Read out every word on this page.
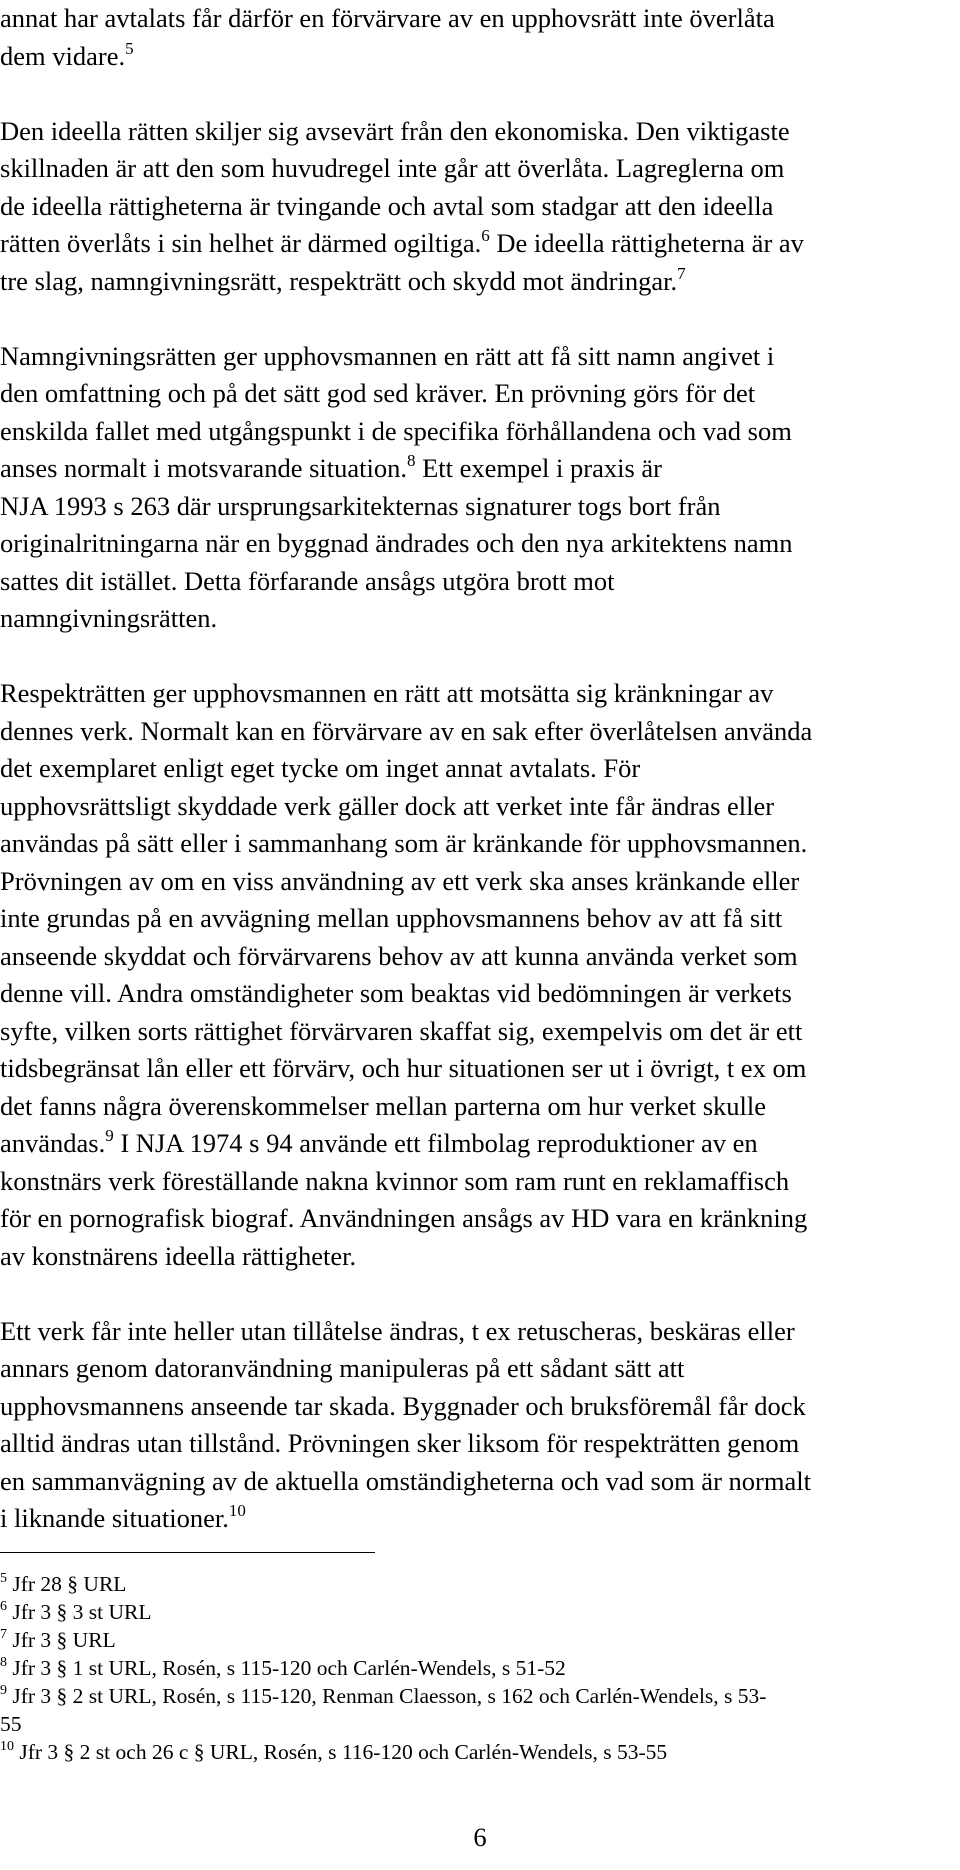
annat har avtalats får därför en förvärvare av en upphovsrätt inte överlåta
dem vidare.$^5$
Den ideella rätten skiljer sig avsevärt från den ekonomiska. Den viktigaste
skillnaden är att den som huvudregel inte går att överlåta. Lagreglerna om
de ideella rättigheterna är tvingande och avtal som stadgar att den ideella
rätten överlåts i sin helhet är därmed ogiltiga.$^6$ De ideella rättigheterna är av
tre slag, namngivningsrätt, respekträtt och skydd mot ändringar.$^7$
Namngivningsrätten ger upphovsmannen en rätt att få sitt namn angivet i
den omfattning och på det sätt god sed kräver. En prövning görs för det
enskilda fallet med utgångspunkt i de specifika förhållandena och vad som
anses normalt i motsvarande situation.$^8$ Ett exempel i praxis är
NJA 1993 s 263 där ursprungsarkitekternas signaturer togs bort från
originalritningarna när en byggnad ändrades och den nya arkitektens namn
sattes dit istället. Detta förfarande ansågs utgöra brott mot
namngivningsrätten.
Respekträtten ger upphovsmannen en rätt att motsätta sig kränkningar av
dennes verk. Normalt kan en förvärvare av en sak efter överlåtelsen använda
det exemplaret enligt eget tycke om inget annat avtalats. För
upphovsrättsligt skyddade verk gäller dock att verket inte får ändras eller
användas på sätt eller i sammanhang som är kränkande för upphovsmannen.
Prövningen av om en viss användning av ett verk ska anses kränkande eller
inte grundas på en avvägning mellan upphovsmannens behov av att få sitt
anseende skyddat och förvärvarens behov av att kunna använda verket som
denne vill. Andra omständigheter som beaktas vid bedömningen är verkets
syfte, vilken sorts rättighet förvärvaren skaffat sig, exempelvis om det är ett
tidsbegränsat lån eller ett förvärv, och hur situationen ser ut i övrigt, t ex om
det fanns några överenskommelser mellan parterna om hur verket skulle
användas.$^9$ I NJA 1974 s 94 använde ett filmbolag reproduktioner av en
konstnärs verk föreställande nakna kvinnor som ram runt en reklamaffisch
för en pornografisk biograf. Användningen ansågs av HD vara en kränkning
av konstnärens ideella rättigheter.
Ett verk får inte heller utan tillåtelse ändras, t ex retuscheras, beskäras eller
annars genom datoranvändning manipuleras på ett sådant sätt att
upphovsmannens anseende tar skada. Byggnader och bruksföremål får dock
alltid ändras utan tillstånd. Prövningen sker liksom för respekträtten genom
en sammanvägning av de aktuella omständigheterna och vad som är normalt
i liknande situationer.$^{10}$
$^5$ Jfr 28 § URL
$^6$ Jfr 3 § 3 st URL
$^7$ Jfr 3 § URL
$^8$ Jfr 3 § 1 st URL, Rosén, s 115-120 och Carlén-Wendels, s 51-52
$^9$ Jfr 3 § 2 st URL, Rosén, s 115-120, Renman Claesson, s 162 och Carlén-Wendels, s 53-
55
$^{10}$ Jfr 3 § 2 st och 26 c § URL, Rosén, s 116-120 och Carlén-Wendels, s 53-55
6
